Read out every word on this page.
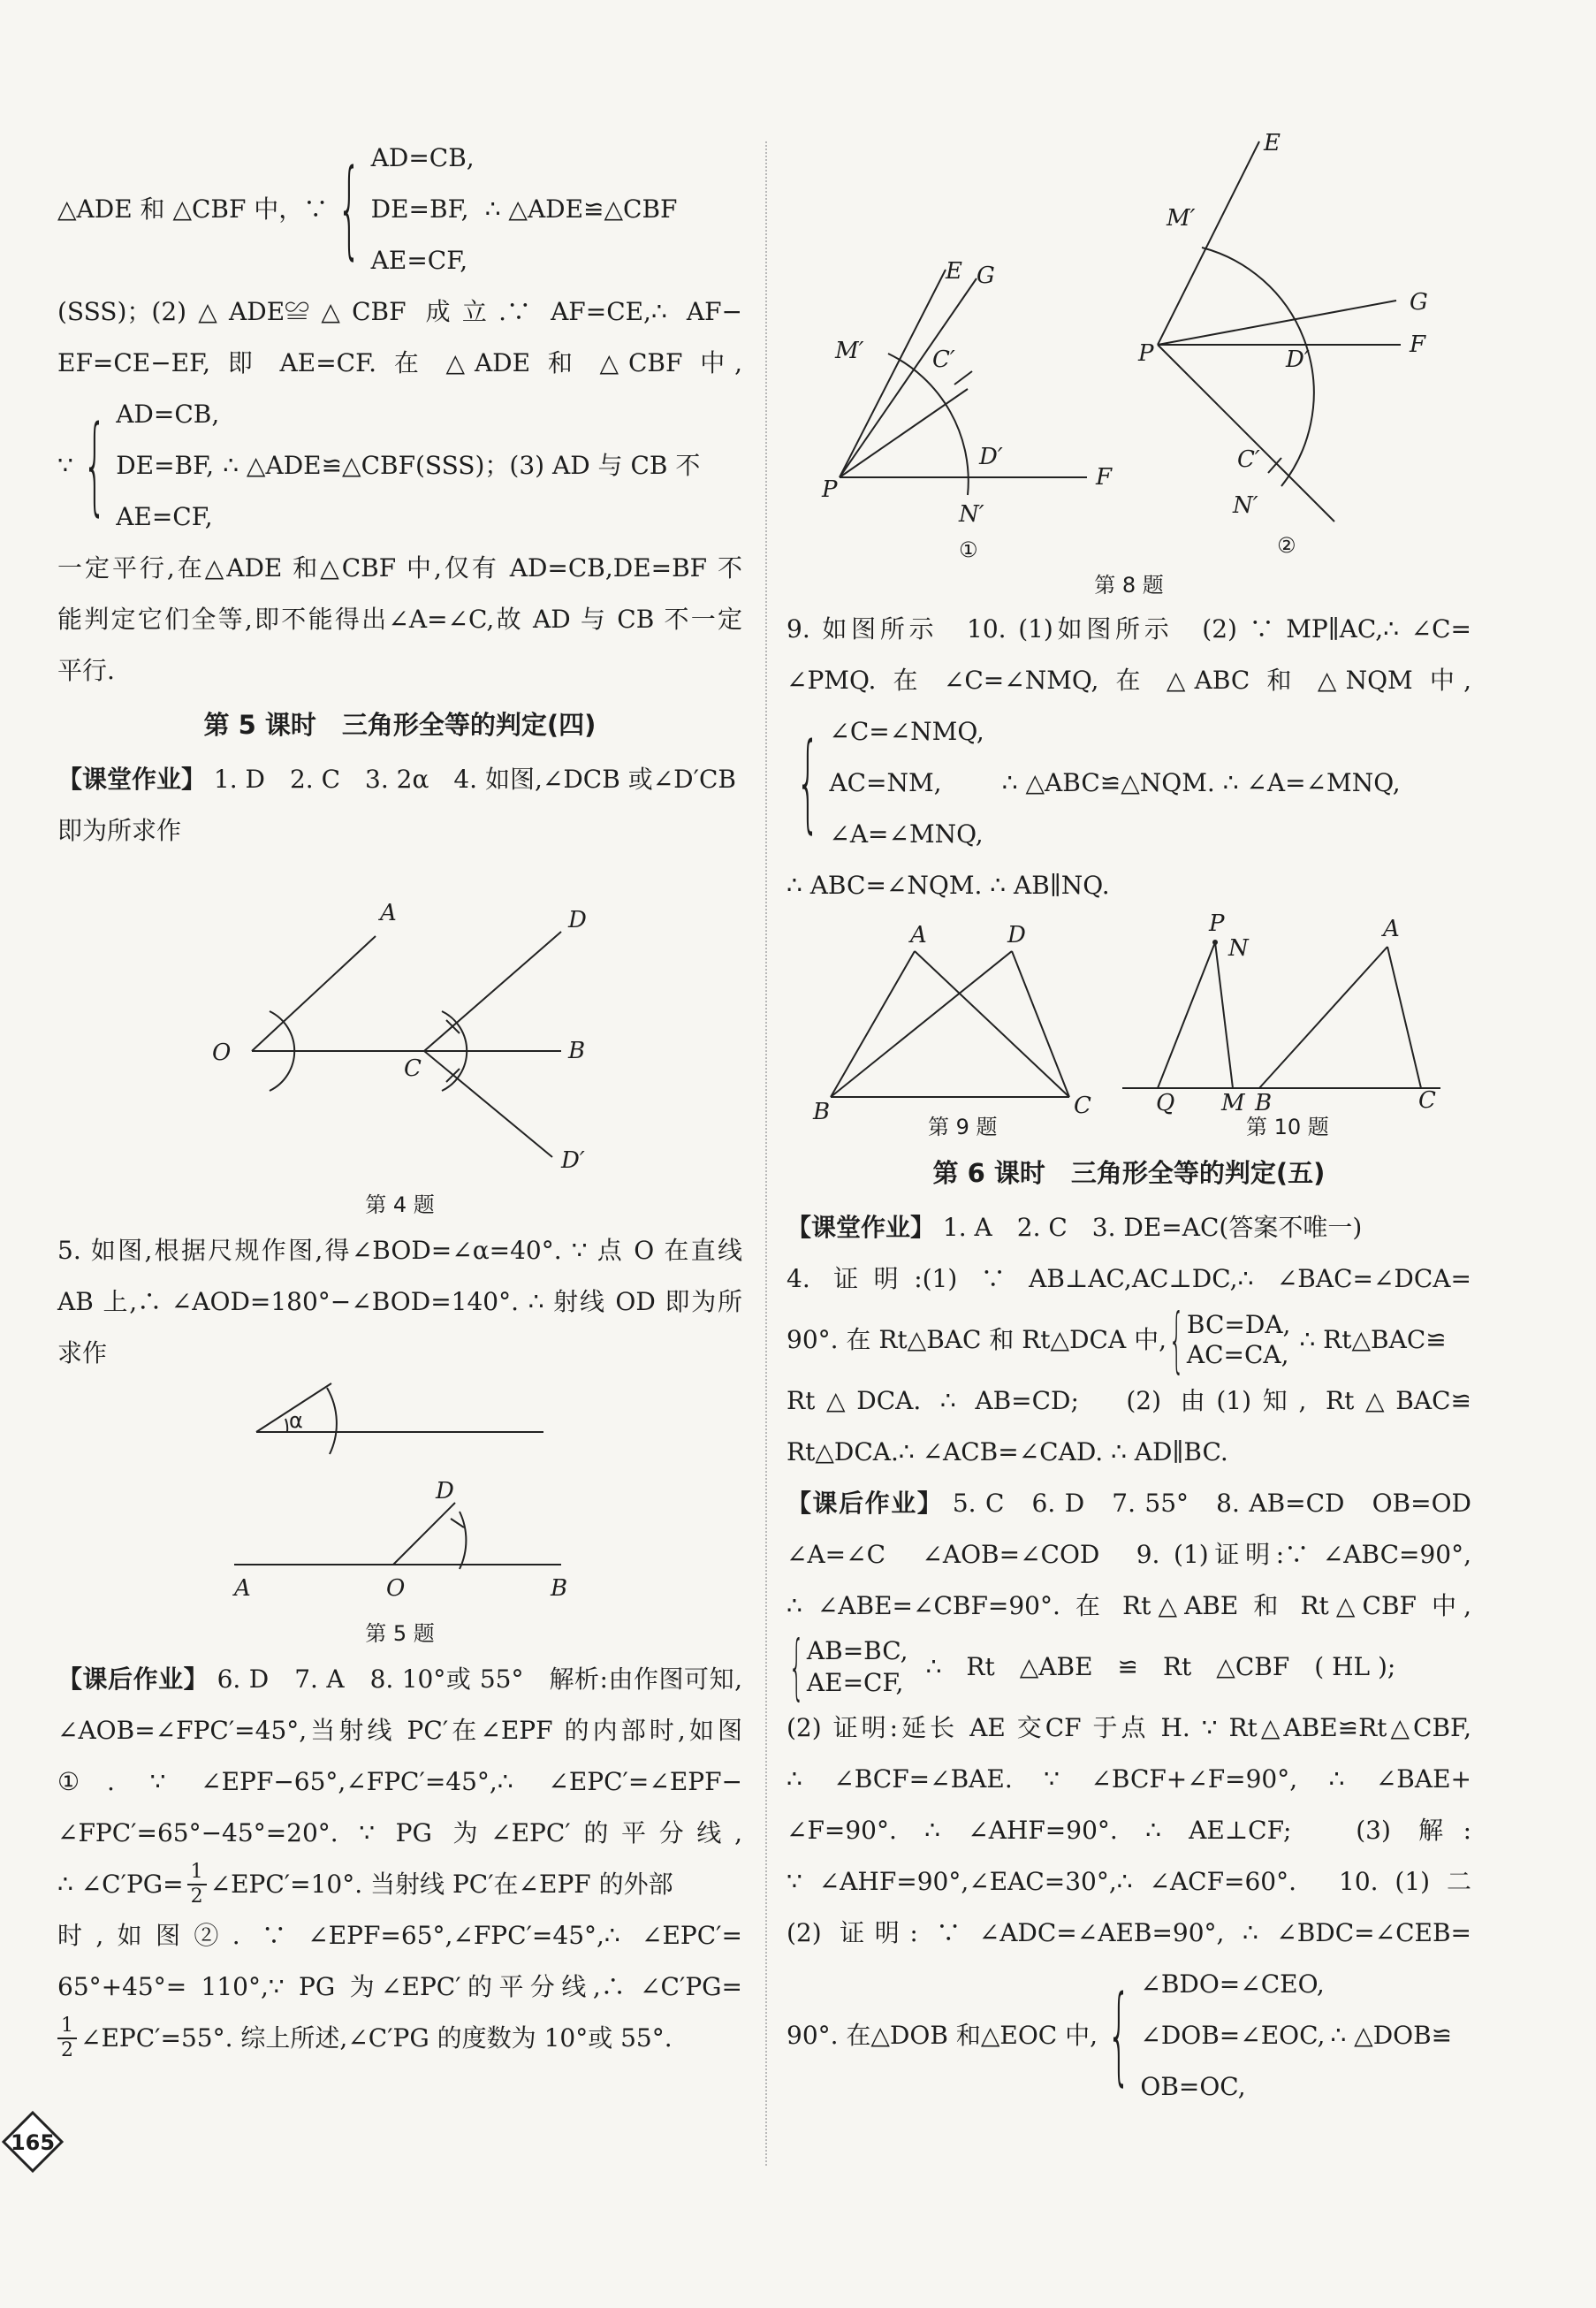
△ADE 和 △CBF 中，∵ { AD=CB,
DE=BF,
AE=CF,
∴ △ADE≌△CBF
(SSS)；(2)△ADE≌△CBF 成立.∵ AF=CE,∴ AF−
EF=CE−EF, 即 AE=CF. 在 △ADE 和 △CBF 中,
∵ { AD=CB,
DE=BF,
AE=CF,
∴ △ADE≌△CBF(SSS)；(3) AD 与 CB 不
一定平行,在△ADE 和△CBF 中,仅有 AD=CB,DE=BF 不
能判定它们全等,即不能得出∠A=∠C,故 AD 与 CB 不一定
平行.
第 5 课时　三角形全等的判定(四)
【课堂作业】 1. D　2. C　3. 2α　4. 如图,∠DCB 或∠D′CB
即为所求作
A	D
O
C
B
D′
第 4 题
5. 如图,根据尺规作图,得∠BOD=∠α=40°. ∵ 点 O 在直线
AB 上,∴ ∠AOD=180°−∠BOD=140°. ∴ 射线 OD 即为所
求作
α
D
A	O	B
第 5 题
【课后作业】 6. D　7. A　8. 10°或 55°　解析:由作图可知,
∠AOB=∠FPC′=45°,当射线 PC′在∠EPF 的内部时,如图
①. ∵ ∠EPF−65°,∠FPC′=45°,∴ ∠EPC′=∠EPF−
∠FPC′=65°−45°=20°. ∵ PG 为∠EPC′的平分线,
∴ ∠C′PG= $\frac{1}{2}$ ∠EPC′=10°. 当射线 PC′在∠EPF 的外部
时,如图②. ∵ ∠EPF=65°,∠FPC′=45°,∴ ∠EPC′=
65°+45°= 110°,∵ PG 为∠EPC′的平分线,∴ ∠C′PG=
$\frac{1}{2}$ ∠EPC′=55°. 综上所述,∠C′PG 的度数为 10°或 55°.
E G
M′	C′
D′
F
P
N′
①
E
M′
G
P	D′
F
C′
N′
②
第 8 题
9. 如图所示　10. (1)如图所示　(2) ∵ MP∥AC,∴ ∠C=
∠PMQ. 在 ∠C=∠NMQ, 在 △ABC 和 △NQM 中,
{ ∠C=∠NMQ,
AC=NM,
∠A=∠MNQ,
∴ △ABC≌△NQM. ∴ ∠A=∠MNQ,
∴ ABC=∠NQM. ∴ AB∥NQ.
A	D
B	C
P
N
A
Q M B	C
第 9 题	第 10 题
第 6 课时　三角形全等的判定(五)
【课堂作业】 1. A　2. C　3. DE=AC(答案不唯一)
4. 证明:(1) ∵ AB⊥AC,AC⊥DC,∴ ∠BAC=∠DCA=
90°. 在 Rt△BAC 和 Rt△DCA 中, { BC=DA,
AC=CA,
∴ Rt△BAC≌
Rt△DCA. ∴ AB=CD;　(2) 由(1)知, Rt△BAC≌
Rt△DCA.∴ ∠ACB=∠CAD. ∴ AD∥BC.
【课后作业】 5. C　6. D　7. 55°　8. AB=CD　OB=OD
∠A=∠C　∠AOB=∠COD　9. (1)证明:∵ ∠ABC=90°,
∴ ∠ABE=∠CBF=90°. 在 Rt△ABE 和 Rt△CBF 中,
{ AB=BC,
AE=CF,
∴　Rt　△ABE　≌　Rt　△CBF　( HL );
(2) 证明:延长 AE 交CF 于点 H. ∵ Rt△ABE≌Rt△CBF,
∴ ∠BCF=∠BAE. ∵ ∠BCF+∠F=90°, ∴ ∠BAE+
∠F=90°. ∴ ∠AHF=90°. ∴ AE⊥CF;　(3) 解:
∵ ∠AHF=90°,∠EAC=30°,∴ ∠ACF=60°.　10. (1) 二
(2) 证明: ∵ ∠ADC=∠AEB=90°, ∴ ∠BDC=∠CEB=
90°. 在△DOB 和△EOC 中, { ∠BDO=∠CEO,
∠DOB=∠EOC,
OB=OC,
∴ △DOB≌
165
